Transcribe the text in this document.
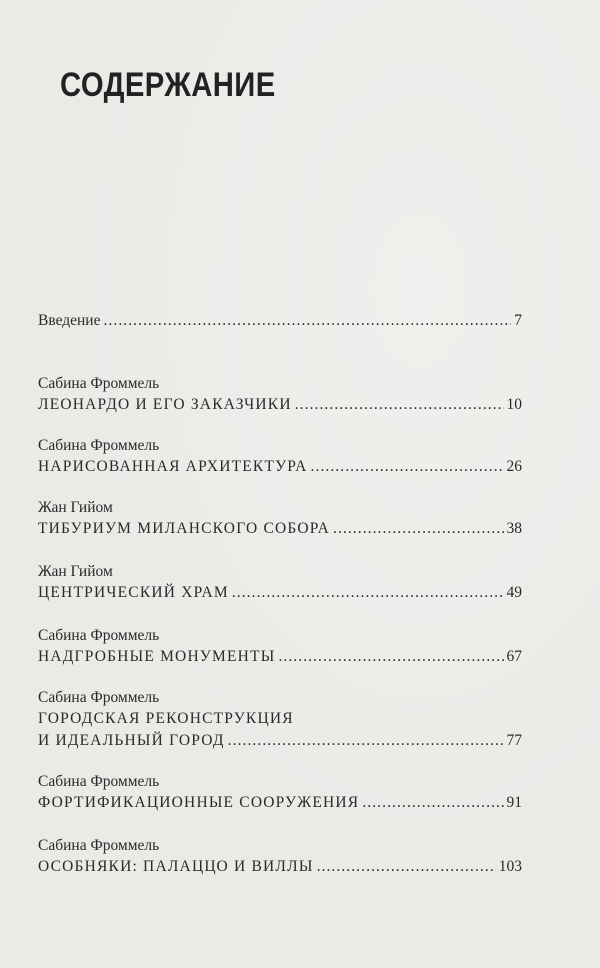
СОДЕРЖАНИЕ
Введение . . .	7
Сабина Фроммель
ЛЕОНАРДО И ЕГО ЗАКАЗЧИКИ . . .	10
Сабина Фроммель
НАРИСОВАННАЯ АРХИТЕКТУРА . . .	26
Жан Гийом
ТИБУРИУМ МИЛАНСКОГО СОБОРА . . .	38
Жан Гийом
ЦЕНТРИЧЕСКИЙ ХРАМ . . .	49
Сабина Фроммель
НАДГРОБНЫЕ МОНУМЕНТЫ . . .	67
Сабина Фроммель
ГОРОДСКАЯ РЕКОНСТРУКЦИЯ
И ИДЕАЛЬНЫЙ ГОРОД . . .	77
Сабина Фроммель
ФОРТИФИКАЦИОННЫЕ СООРУЖЕНИЯ . . .	91
Сабина Фроммель
ОСОБНЯКИ: ПАЛАЦЦО И ВИЛЛЫ . . .	103
